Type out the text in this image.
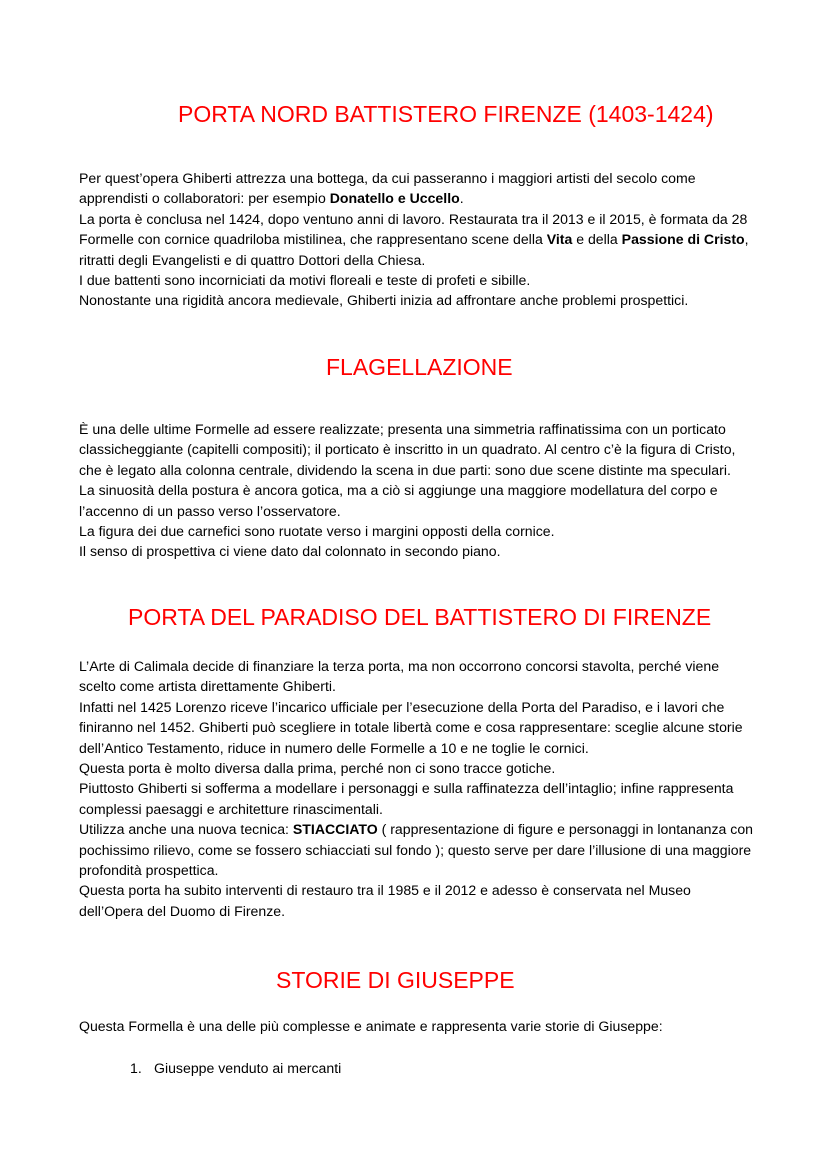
PORTA NORD BATTISTERO FIRENZE (1403-1424)

Per quest’opera Ghiberti attrezza una bottega, da cui passeranno i maggiori artisti del secolo come apprendisti o collaboratori: per esempio Donatello e Uccello.

La porta è conclusa nel 1424, dopo ventuno anni di lavoro. Restaurata tra il 2013 e il 2015, è formata da 28 Formelle con cornice quadriloba mistilinea, che rappresentano scene della Vita e della Passione di Cristo, ritratti degli Evangelisti e di quattro Dottori della Chiesa.

I due battenti sono incorniciati da motivi floreali e teste di profeti e sibille.

Nonostante una rigidità ancora medievale, Ghiberti inizia ad affrontare anche problemi prospettici.

FLAGELLAZIONE

È una delle ultime Formelle ad essere realizzate; presenta una simmetria raffinatissima con un porticato classicheggiante (capitelli compositi); il porticato è inscritto in un quadrato. Al centro c’è la figura di Cristo, che è legato alla colonna centrale, dividendo la scena in due parti: sono due scene distinte ma speculari.

La sinuosità della postura è ancora gotica, ma a ciò si aggiunge una maggiore modellatura del corpo e l’accenno di un passo verso l’osservatore.

La figura dei due carnefici sono ruotate verso i margini opposti della cornice.

Il senso di prospettiva ci viene dato dal colonnato in secondo piano.

PORTA DEL PARADISO DEL BATTISTERO DI FIRENZE

L’Arte di Calimala decide di finanziare la terza porta, ma non occorrono concorsi stavolta, perché viene scelto come artista direttamente Ghiberti.

Infatti nel 1425 Lorenzo riceve l’incarico ufficiale per l’esecuzione della Porta del Paradiso, e i lavori che finiranno nel 1452. Ghiberti può scegliere in totale libertà come e cosa rappresentare: sceglie alcune storie dell’Antico Testamento, riduce in numero delle Formelle a 10 e ne toglie le cornici.

Questa porta è molto diversa dalla prima, perché non ci sono tracce gotiche.

Piuttosto Ghiberti si sofferma a modellare i personaggi e sulla raffinatezza dell’intaglio; infine rappresenta complessi paesaggi e architetture rinascimentali.

Utilizza anche una nuova tecnica: STIACCIATO ( rappresentazione di figure e personaggi in lontananza con pochissimo rilievo, come se fossero schiacciati sul fondo ); questo serve per dare l’illusione di una maggiore profondità prospettica.

Questa porta ha subito interventi di restauro tra il 1985 e il 2012 e adesso è conservata nel Museo dell’Opera del Duomo di Firenze.

STORIE DI GIUSEPPE

Questa Formella è una delle più complesse e animate e rappresenta varie storie di Giuseppe:

1. Giuseppe venduto ai mercanti
